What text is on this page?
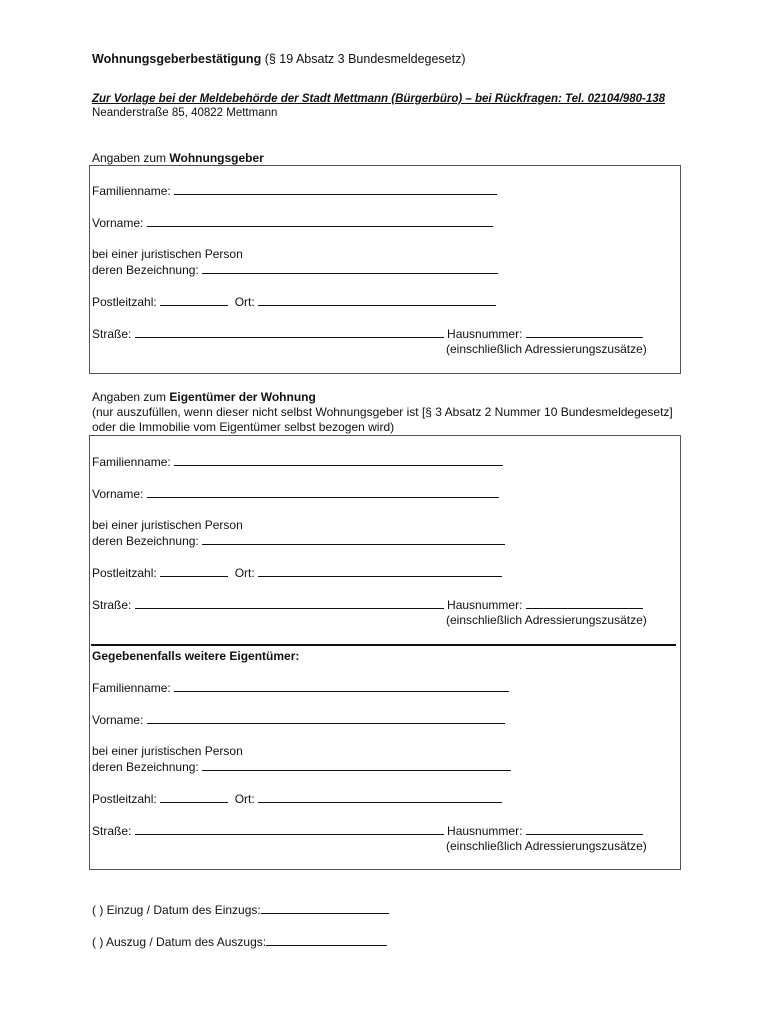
Wohnungsgeberbestätigung (§ 19 Absatz 3 Bundesmeldegesetz)
Zur Vorlage bei der Meldebehörde der Stadt Mettmann (Bürgerbüro) – bei Rückfragen: Tel. 02104/980-138
Neanderstraße 85, 40822 Mettmann
Angaben zum Wohnungsgeber
Familienname:
Vorname:
bei einer juristischen Person
deren Bezeichnung:
Postleitzahl:	Ort:
Straße:	Hausnummer:
(einschließlich Adressierungszusätze)
Angaben zum Eigentümer der Wohnung
(nur auszufüllen, wenn dieser nicht selbst Wohnungsgeber ist [§ 3 Absatz 2 Nummer 10 Bundesmeldegesetz]
oder die Immobilie vom Eigentümer selbst bezogen wird)
Familienname:
Vorname:
bei einer juristischen Person
deren Bezeichnung:
Postleitzahl:	Ort:
Straße:	Hausnummer:
(einschließlich Adressierungszusätze)
Gegebenenfalls weitere Eigentümer:
Familienname:
Vorname:
bei einer juristischen Person
deren Bezeichnung:
Postleitzahl:	Ort:
Straße:	Hausnummer:
(einschließlich Adressierungszusätze)
( ) Einzug / Datum des Einzugs:
( ) Auszug / Datum des Auszugs:
